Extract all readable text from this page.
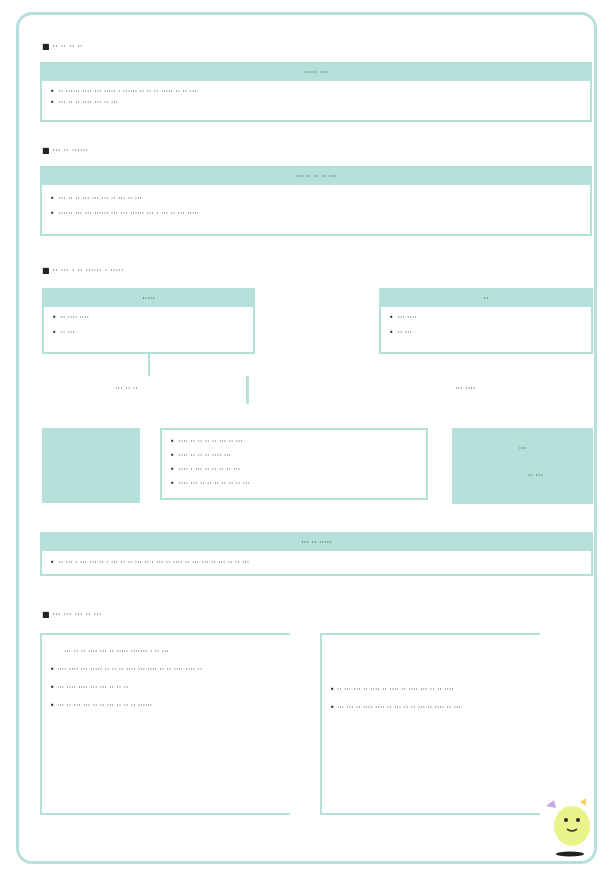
■ ·· ·· ·· ··
····· ···
• ·· ······ ···· ··· ····· · ······ ·· ·· ·· ····· ·· ·· ···
• ··· ·· ·· ···· ··· ·· ···
■ ··· ·· ······
··· ·· ·· ·· ···
• ··· ·· ·· ··· ··· ··· ·· ··· ·· ···
• ······ ··· ··· ······ ··· ··· ······ ··· · ··· ·· ··· ·····
■ ·· ··· · ·· ······ · ·····
·····
• ·· ···· ····
• ·· ···
··
• ··· ····
• ·· ···
··· ·· ··	··· ····
• ···· ·· ·· ·· ·· ··· ·· ···
• ···· ·· ·· ·· ···· ···
• ···· · ··· ·· ·· ·· ·· ···
• ···· ··· ·· ·· ·· ·· ·· ·· ···
···
·· ···
··· ·· ·····
• ·· ··· · ··· ··· ·· · ··· ·· ·· ··· ·· · ··· ·· ···· ·· ··· ··· ·· ··· ·· ·· ···
■ ··· ··· ··· ·· ···
··· ·· ·· ···· ··· ·· ····· ······· · ·· ···
• ···· ···· ··· ····· ·· ·· ·· ···· ··· ···· ·· ·· ···· ···· ··
• ··· ···· ···· ··· ··· ·· ·· ··
• ··· ·· ··· ··· ·· ·· ··· ·· ·· ·· ······
• ·· ··· ··· ·· ···· ·· ···· ·· ···· ··· ·· ·· ····
• ··· ··· ·· ···· ···· ·· ··· ·· ·· ··· ·· ···· ·· ···
